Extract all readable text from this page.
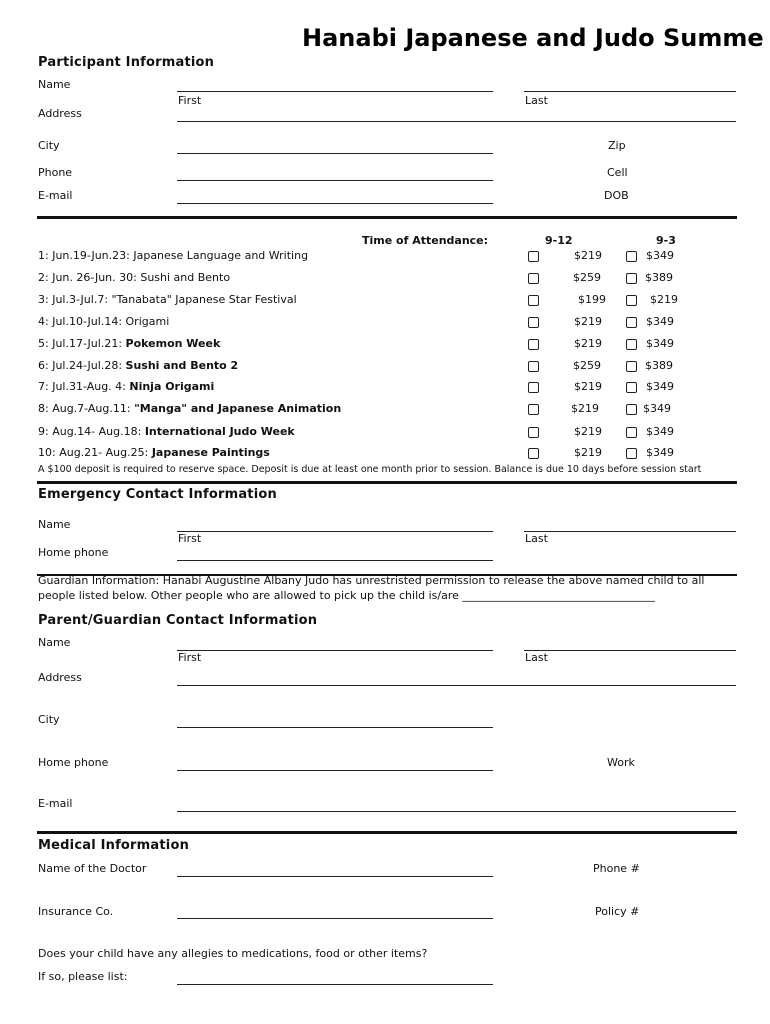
Hanabi Japanese and Judo Summe
Participant Information
Name
First	Last
Address
City	Zip
Phone	Cell
E-mail	DOB
Time of Attendance:	9-12	9-3
1: Jun.19-Jun.23: Japanese Language and Writing	$219	$349
2: Jun. 26-Jun. 30: Sushi and Bento	$259	$389
3: Jul.3-Jul.7: "Tanabata" Japanese Star Festival	$199	$219
4: Jul.10-Jul.14: Origami	$219	$349
5: Jul.17-Jul.21: Pokemon Week	$219	$349
6: Jul.24-Jul.28: Sushi and Bento 2	$259	$389
7: Jul.31-Aug. 4: Ninja Origami	$219	$349
8: Aug.7-Aug.11: "Manga" and Japanese Animation	$219	$349
9: Aug.14- Aug.18: International Judo Week	$219	$349
10: Aug.21- Aug.25: Japanese Paintings	$219	$349
A $100 deposit is required to reserve space. Deposit is due at least one month prior to session. Balance is due 10 days before session start
Emergency Contact Information
Name
First	Last
Home phone
Guardian Information: Hanabi Augustine Albany Judo has unrestristed permission to release the above named child to all
people listed below. Other people who are allowed to pick up the child is/are ___________________________________
Parent/Guardian Contact Information
Name
First	Last
Address
City
Home phone	Work
E-mail
Medical Information
Name of the Doctor	Phone #
Insurance Co.	Policy #
Does your child have any allegies to medications, food or other items?
If so, please list:
